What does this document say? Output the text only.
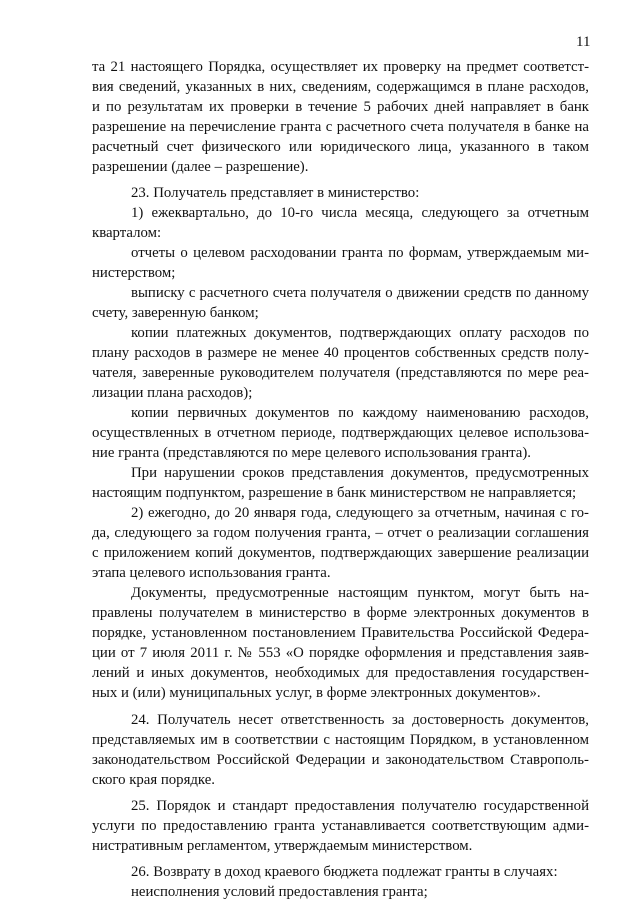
11
та 21 настоящего Порядка, осуществляет их проверку на предмет соответст-
вия сведений, указанных в них, сведениям, содержащимся в плане расходов,
и по результатам их проверки в течение 5 рабочих дней направляет в банк
разрешение на перечисление гранта с расчетного счета получателя в банке на
расчетный счет физического или юридического лица, указанного в таком
разрешении (далее – разрешение).
23. Получатель представляет в министерство:
1) ежеквартально, до 10-го числа месяца, следующего за отчетным
кварталом:
отчеты о целевом расходовании гранта по формам, утверждаемым ми-
нистерством;
выписку с расчетного счета получателя о движении средств по данному
счету, заверенную банком;
копии платежных документов, подтверждающих оплату расходов по
плану расходов в размере не менее 40 процентов собственных средств полу-
чателя, заверенные руководителем получателя (представляются по мере реа-
лизации плана расходов);
копии первичных документов по каждому наименованию расходов,
осуществленных в отчетном периоде, подтверждающих целевое использова-
ние гранта (представляются по мере целевого использования гранта).
При нарушении сроков представления документов, предусмотренных
настоящим подпунктом, разрешение в банк министерством не направляется;
2) ежегодно, до 20 января года, следующего за отчетным, начиная с го-
да, следующего за годом получения гранта, – отчет о реализации соглашения
с приложением копий документов, подтверждающих завершение реализации
этапа целевого использования гранта.
Документы, предусмотренные настоящим пунктом, могут быть на-
правлены получателем в министерство в форме электронных документов в
порядке, установленном постановлением Правительства Российской Федера-
ции от 7 июля 2011 г. № 553 «О порядке оформления и представления заяв-
лений и иных документов, необходимых для предоставления государствен-
ных и (или) муниципальных услуг, в форме электронных документов».
24. Получатель несет ответственность за достоверность документов,
представляемых им в соответствии с настоящим Порядком, в установленном
законодательством Российской Федерации и законодательством Ставрополь-
ского края порядке.
25. Порядок и стандарт предоставления получателю государственной
услуги по предоставлению гранта устанавливается соответствующим адми-
нистративным регламентом, утверждаемым министерством.
26. Возврату в доход краевого бюджета подлежат гранты в случаях:
неисполнения условий предоставления гранта;
